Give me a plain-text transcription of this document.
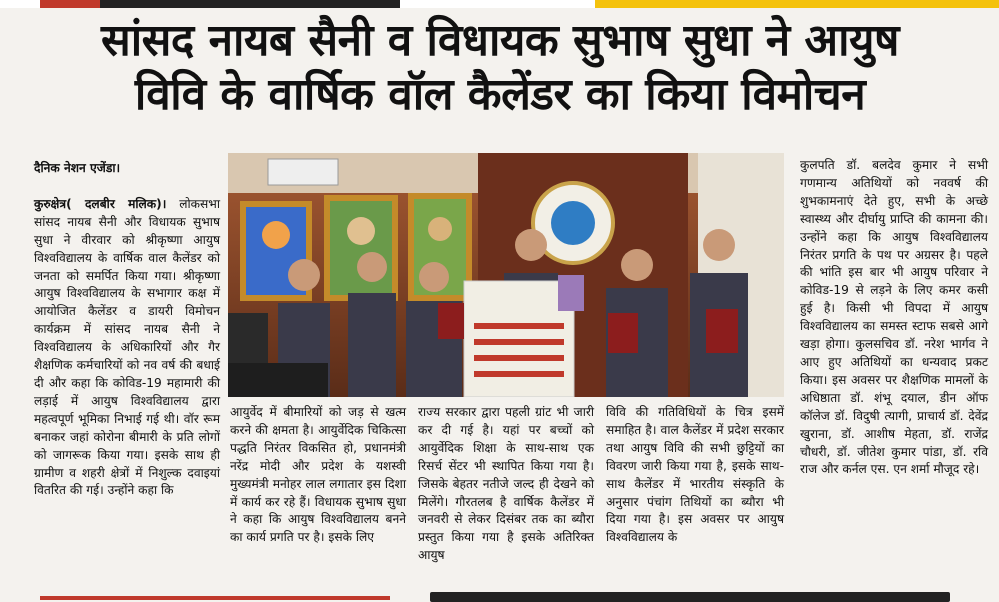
सांसद नायब सैनी व विधायक सुभाष सुधा ने आयुष
विवि के वार्षिक वॉल कैलेंडर का किया विमोचन
दैनिक नेशन एजेंडा।

कुरुक्षेत्र( दलबीर मलिक)। लोकसभा सांसद नायब सैनी और विधायक सुभाष सुधा ने वीरवार को श्रीकृष्णा आयुष विश्वविद्यालय के वार्षिक वाल कैलेंडर को जनता को समर्पित किया गया। श्रीकृष्णा आयुष विश्वविद्यालय के सभागार कक्ष में आयोजित कैलेंडर व डायरी विमोचन कार्यक्रम में सांसद नायब सैनी ने विश्वविद्यालय के अधिकारियों और गैर शैक्षणिक कर्मचारियों को नव वर्ष की बधाई दी और कहा कि कोविड-19 महामारी की लड़ाई में आयुष विश्वविद्यालय द्वारा महत्वपूर्ण भूमिका निभाई गई थी। वॉर रूम बनाकर जहां कोरोना बीमारी के प्रति लोगों को जागरूक किया गया। इसके साथ ही ग्रामीण व शहरी क्षेत्रों में निशुल्क दवाइयां वितरित की गई। उन्होंने कहा कि

आयुर्वेद में बीमारियों को जड़ से खत्म करने की क्षमता है। आयुर्वेदिक चिकित्सा पद्धति निरंतर विकसित हो, प्रधानमंत्री नरेंद्र मोदी और प्रदेश के यशस्वी मुख्यमंत्री मनोहर लाल लगातार इस दिशा में कार्य कर रहे हैं। विधायक सुभाष सुधा ने कहा कि आयुष विश्वविद्यालय बनने का कार्य प्रगति पर है। इसके लिए

राज्य सरकार द्वारा पहली ग्रांट भी जारी कर दी गई है। यहां पर बच्चों को आयुर्वेदिक शिक्षा के साथ-साथ एक रिसर्च सेंटर भी स्थापित किया गया है। जिसके बेहतर नतीजे जल्द ही देखने को मिलेंगे। गौरतलब है वार्षिक कैलेंडर में जनवरी से लेकर दिसंबर तक का ब्यौरा प्रस्तुत किया गया है इसके अतिरिक्त आयुष

विवि की गतिविधियों के चित्र इसमें समाहित है। वाल कैलेंडर में प्रदेश सरकार तथा आयुष विवि की सभी छुट्टियों का विवरण जारी किया गया है, इसके साथ-साथ कैलेंडर में भारतीय संस्कृति के अनुसार पंचांग तिथियों का ब्यौरा भी दिया गया है। इस अवसर पर आयुष विश्वविद्यालय के

कुलपति डॉ. बलदेव कुमार ने सभी गणमान्य अतिथियों को नववर्ष की शुभकामनाएं देते हुए, सभी के अच्छे स्वास्थ्य और दीर्घायु प्राप्ति की कामना की। उन्होंने कहा कि आयुष विश्वविद्यालय निरंतर प्रगति के पथ पर अग्रसर है। पहले की भांति इस बार भी आयुष परिवार ने कोविड-19 से लड़ने के लिए कमर कसी हुई है। किसी भी विपदा में आयुष विश्वविद्यालय का समस्त स्टाफ सबसे आगे खड़ा होगा। कुलसचिव डॉ. नरेश भार्गव ने आए हुए अतिथियों का धन्यवाद प्रकट किया। इस अवसर पर शैक्षणिक मामलों के अधिष्ठाता डॉ. शंभू दयाल, डीन ऑफ कॉलेज डॉ. विदुषी त्यागी, प्राचार्य डॉ. देवेंद्र खुराना, डॉ. आशीष मेहता, डॉ. राजेंद्र चौधरी, डॉ. जीतेश कुमार पांडा, डॉ. रवि राज और कर्नल एस. एन शर्मा मौजूद रहे।
